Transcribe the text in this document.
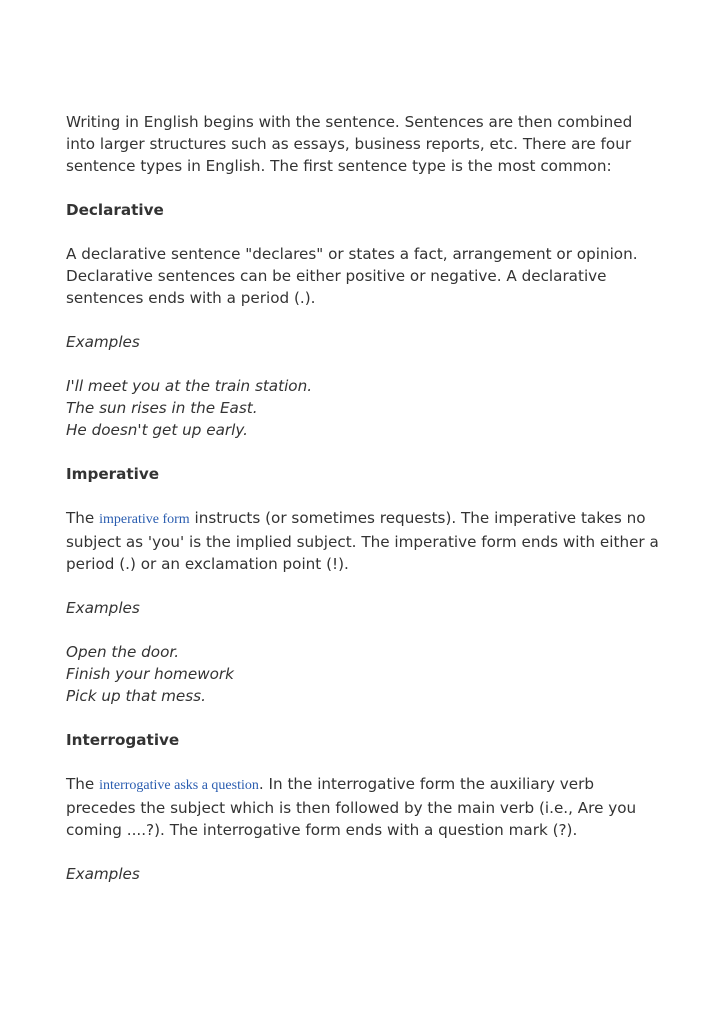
Writing in English begins with the sentence. Sentences are then combined into larger structures such as essays, business reports, etc. There are four sentence types in English. The first sentence type is the most common:

Declarative

A declarative sentence "declares" or states a fact, arrangement or opinion. Declarative sentences can be either positive or negative. A declarative sentences ends with a period (.).

Examples

I'll meet you at the train station.
The sun rises in the East.
He doesn't get up early.

Imperative

The imperative form instructs (or sometimes requests). The imperative takes no subject as 'you' is the implied subject. The imperative form ends with either a period (.) or an exclamation point (!).

Examples

Open the door.
Finish your homework
Pick up that mess.

Interrogative

The interrogative asks a question. In the interrogative form the auxiliary verb precedes the subject which is then followed by the main verb (i.e., Are you coming ....?). The interrogative form ends with a question mark (?).

Examples
